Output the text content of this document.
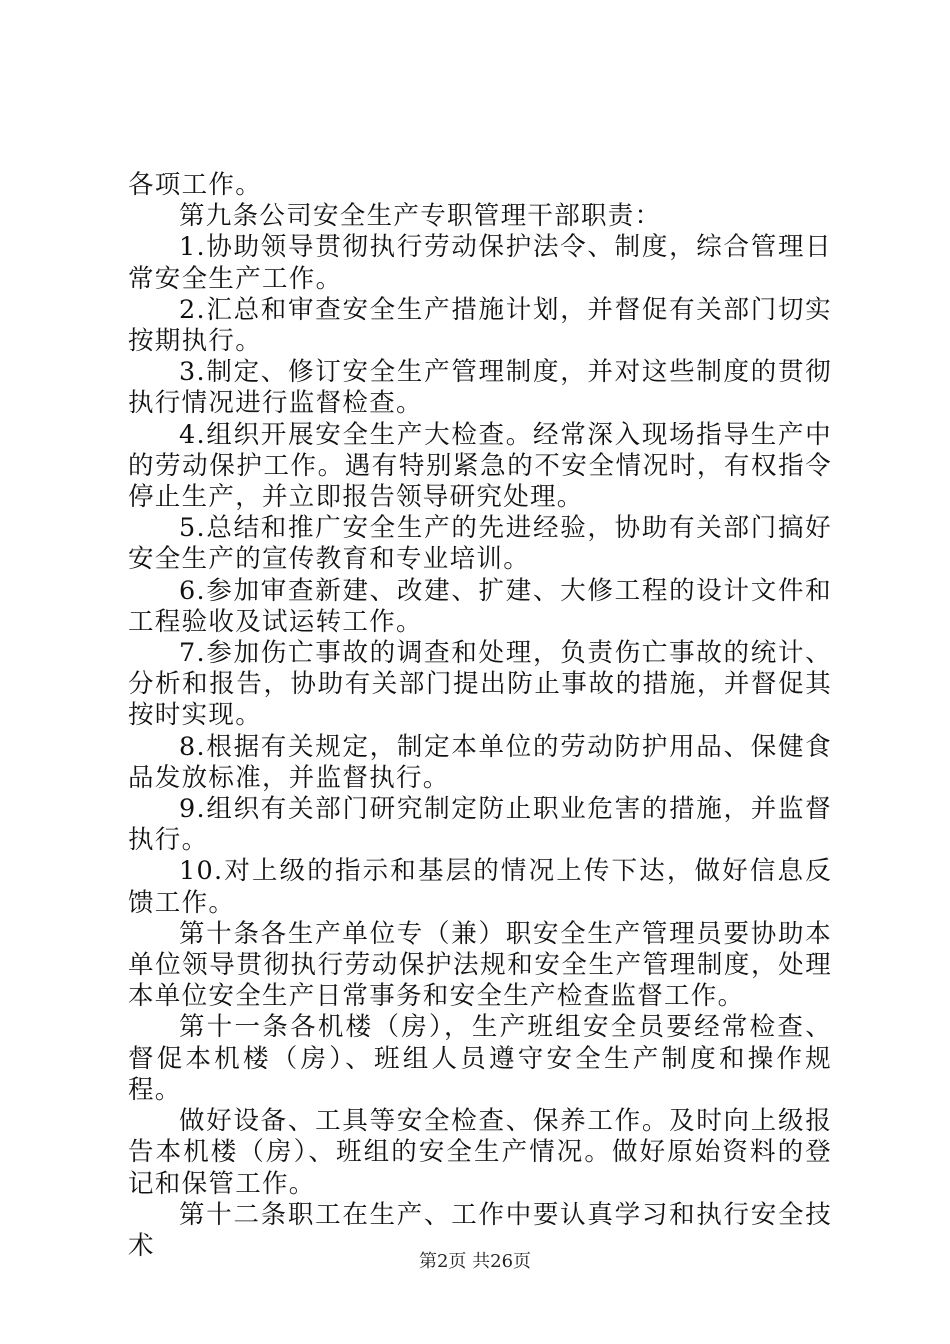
各项工作。

第九条公司安全生产专职管理干部职责：

1.协助领导贯彻执行劳动保护法令、制度，综合管理日常安全生产工作。

2.汇总和审查安全生产措施计划，并督促有关部门切实按期执行。

3.制定、修订安全生产管理制度，并对这些制度的贯彻执行情况进行监督检查。

4.组织开展安全生产大检查。经常深入现场指导生产中的劳动保护工作。遇有特别紧急的不安全情况时，有权指令停止生产，并立即报告领导研究处理。

5.总结和推广安全生产的先进经验，协助有关部门搞好安全生产的宣传教育和专业培训。

6.参加审查新建、改建、扩建、大修工程的设计文件和工程验收及试运转工作。

7.参加伤亡事故的调查和处理，负责伤亡事故的统计、分析和报告，协助有关部门提出防止事故的措施，并督促其按时实现。

8.根据有关规定，制定本单位的劳动防护用品、保健食品发放标准，并监督执行。

9.组织有关部门研究制定防止职业危害的措施，并监督执行。

10.对上级的指示和基层的情况上传下达，做好信息反馈工作。

第十条各生产单位专（兼）职安全生产管理员要协助本单位领导贯彻执行劳动保护法规和安全生产管理制度，处理本单位安全生产日常事务和安全生产检查监督工作。

第十一条各机楼（房），生产班组安全员要经常检查、督促本机楼（房）、班组人员遵守安全生产制度和操作规程。

做好设备、工具等安全检查、保养工作。及时向上级报告本机楼（房）、班组的安全生产情况。做好原始资料的登记和保管工作。

第十二条职工在生产、工作中要认真学习和执行安全技术

第2页 共26页
